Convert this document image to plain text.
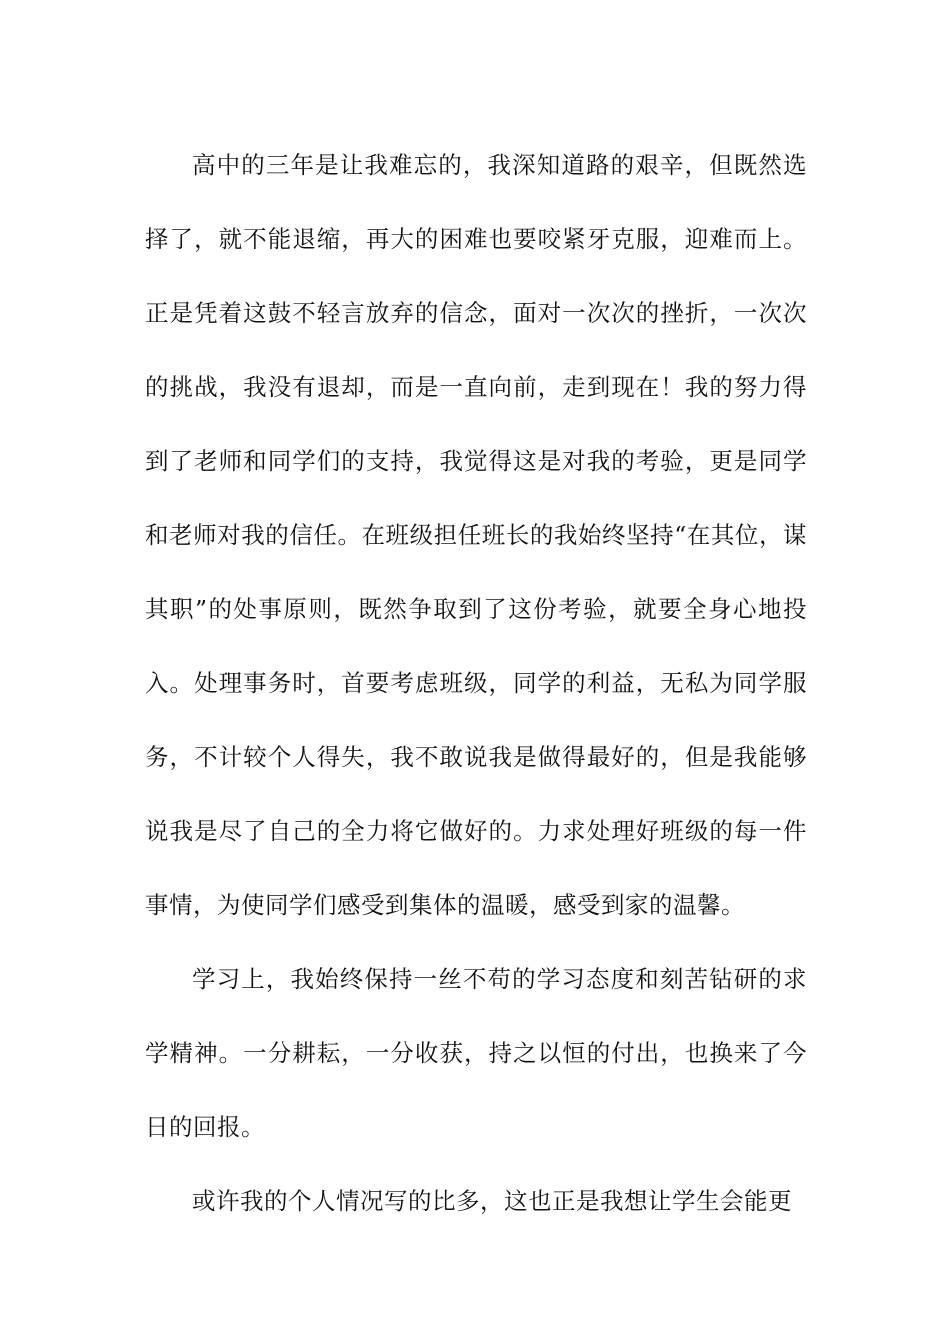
高中的三年是让我难忘的，我深知道路的艰辛，但既然选择了，就不能退缩，再大的困难也要咬紧牙克服，迎难而上。正是凭着这鼓不轻言放弃的信念，面对一次次的挫折，一次次的挑战，我没有退却，而是一直向前，走到现在！我的努力得到了老师和同学们的支持，我觉得这是对我的考验，更是同学和老师对我的信任。在班级担任班长的我始终坚持“在其位，谋其职”的处事原则，既然争取到了这份考验，就要全身心地投入。处理事务时，首要考虑班级，同学的利益，无私为同学服务，不计较个人得失，我不敢说我是做得最好的，但是我能够说我是尽了自己的全力将它做好的。力求处理好班级的每一件事情，为使同学们感受到集体的温暖，感受到家的温馨。

学习上，我始终保持一丝不苟的学习态度和刻苦钻研的求学精神。一分耕耘，一分收获，持之以恒的付出，也换来了今日的回报。

或许我的个人情况写的比多，这也正是我想让学生会能更
